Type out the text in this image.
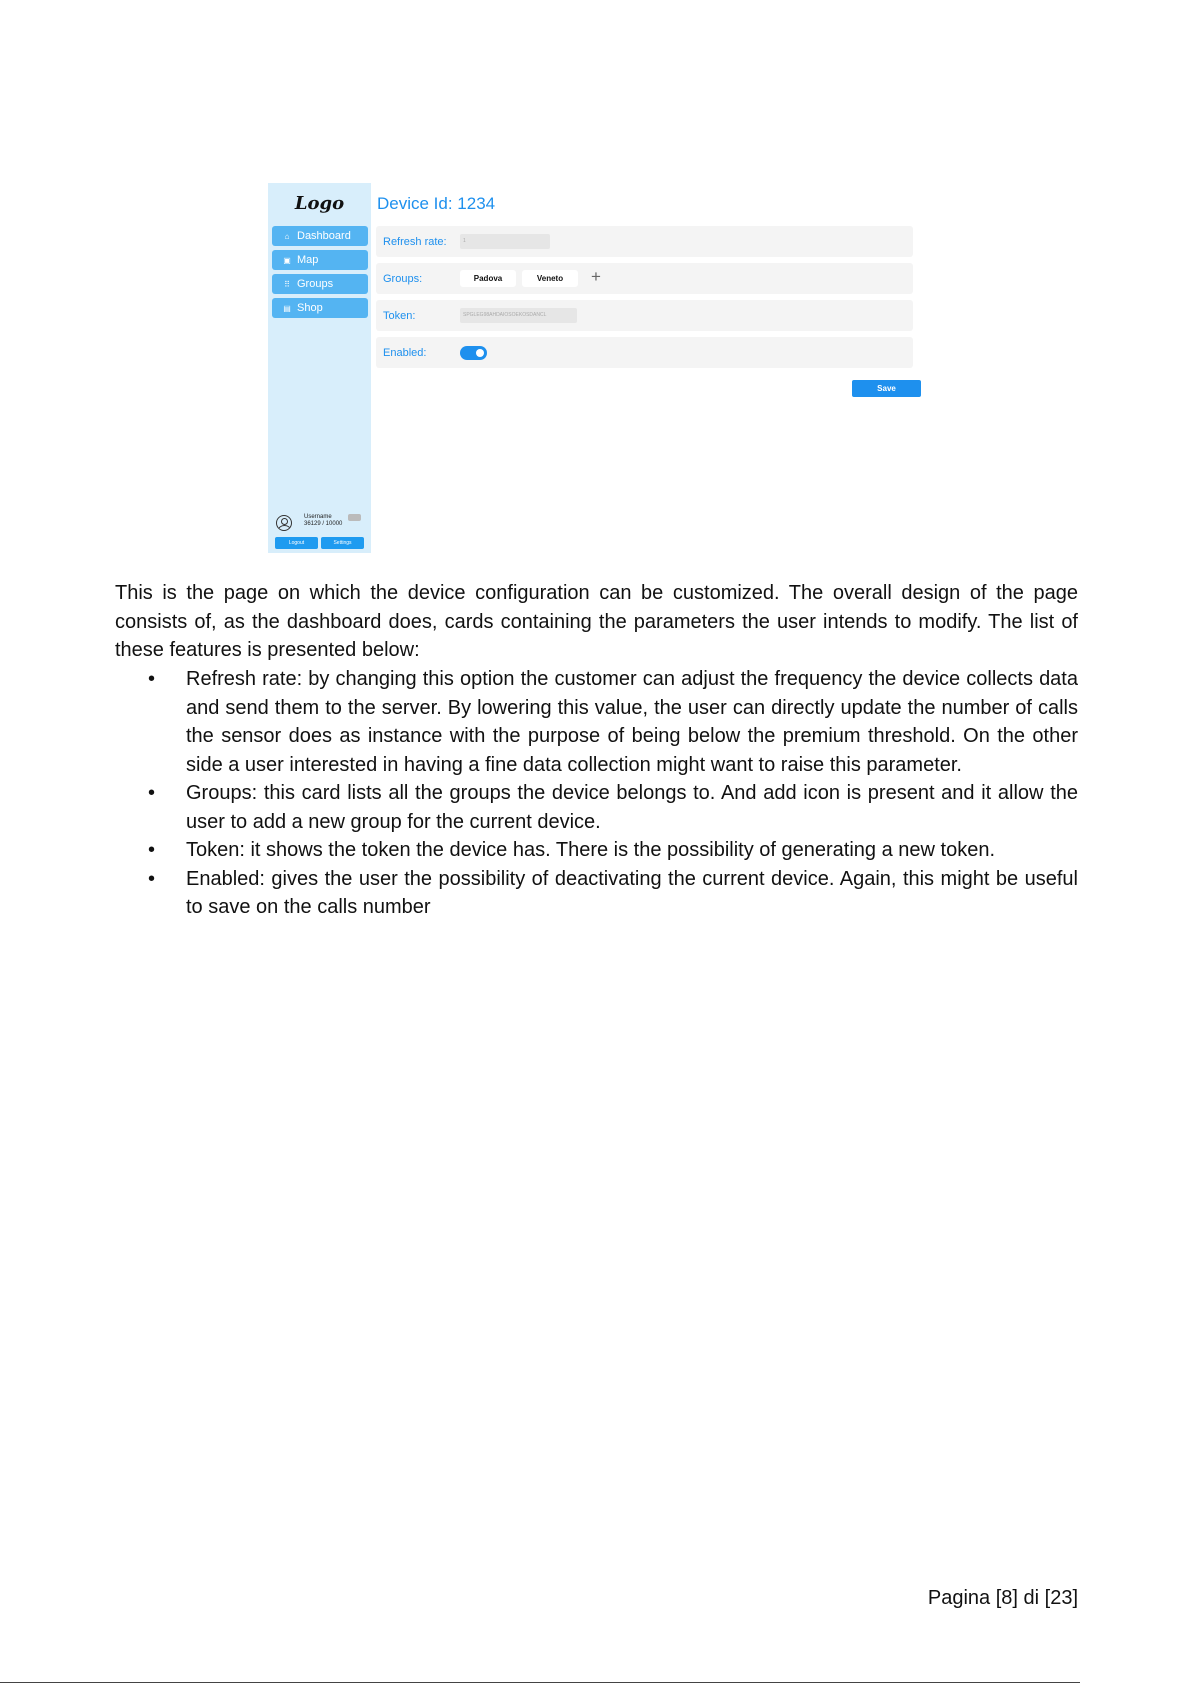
Logo
⌂ Dashboard
▣ Map
⠿ Groups
▤ Shop
Username
36129 / 10000
Logout	Settings
Device Id: 1234
Refresh rate:	1
Groups:	Padova	Veneto	+
Token:	SPGLEG98AHDAIOSOEKOSDANCL
Enabled:
Save
This is the page on which the device configuration can be customized. The overall design of the page consists of, as the dashboard does, cards containing the parameters the user intends to modify. The list of these features is presented below:
• Refresh rate: by changing this option the customer can adjust the frequency the device collects data and send them to the server. By lowering this value, the user can directly update the number of calls the sensor does as instance with the purpose of being below the premium threshold. On the other side a user interested in having a fine data collection might want to raise this parameter.
• Groups: this card lists all the groups the device belongs to. And add icon is present and it allow the user to add a new group for the current device.
• Token: it shows the token the device has. There is the possibility of generating a new token.
• Enabled: gives the user the possibility of deactivating the current device. Again, this might be useful to save on the calls number
Pagina [8] di [23]
